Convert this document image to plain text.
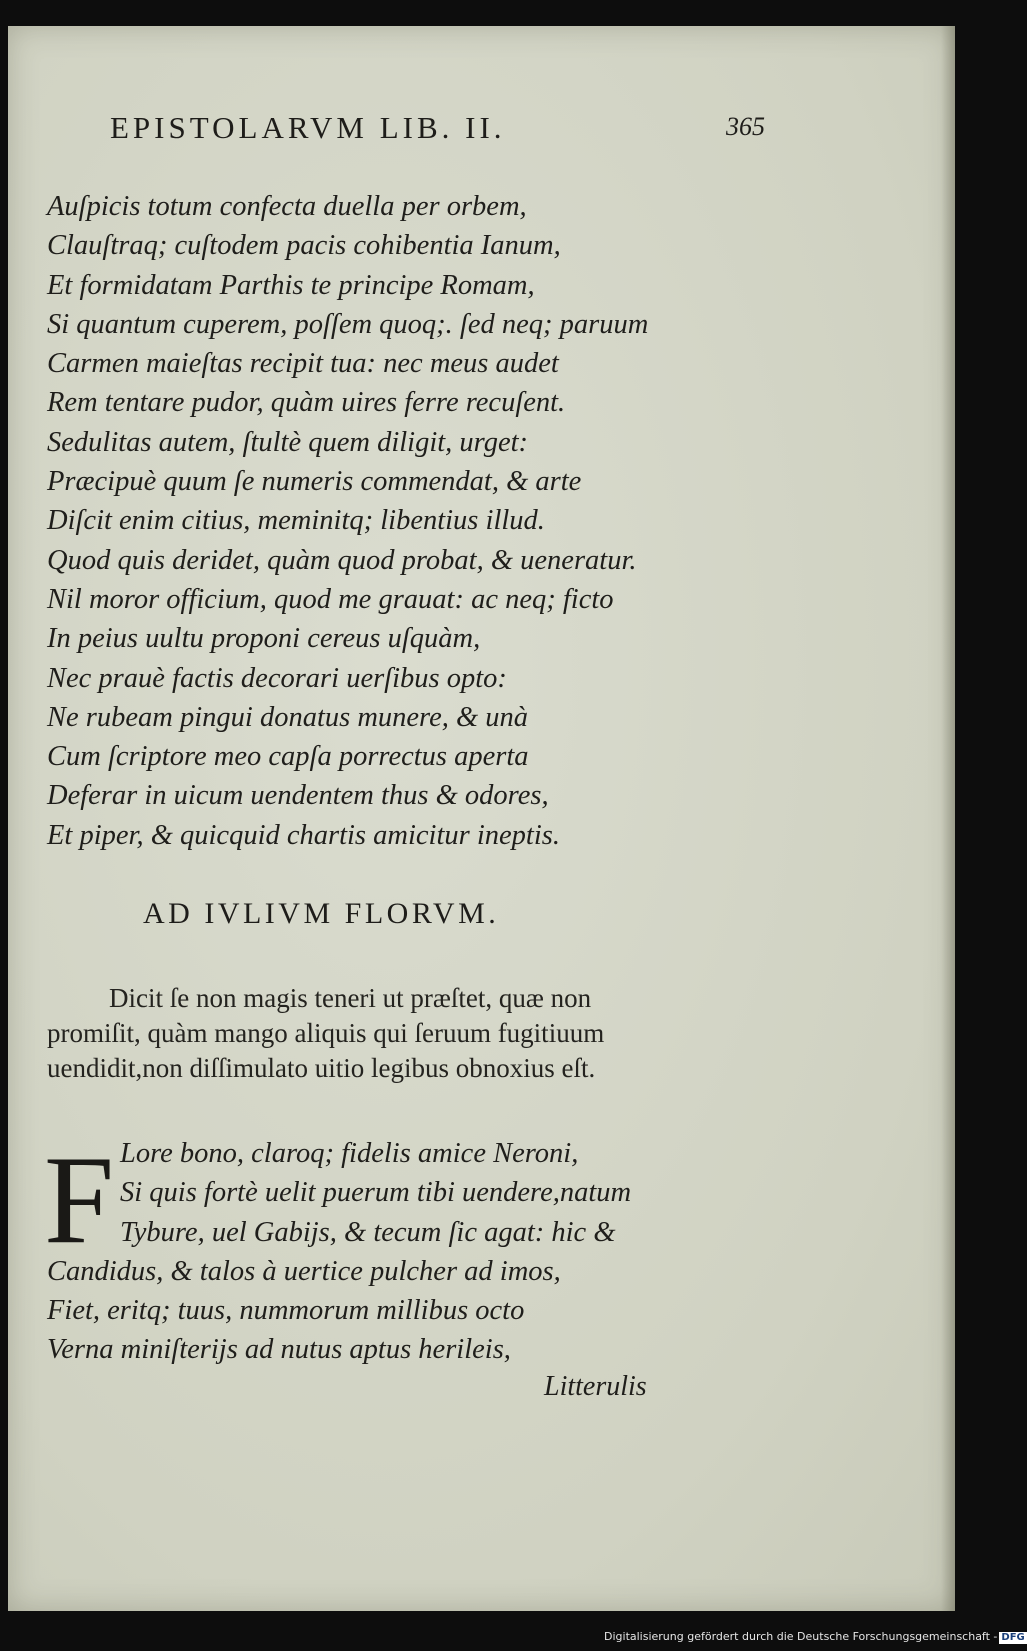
EPISTOLARVM LIB. II.	365
Auſpicis totum confecta duella per orbem,
Clauſtraq; cuſtodem pacis cohibentia Ianum,
Et formidatam Parthis te principe Romam,
Si quantum cuperem, poſſem quoq;. ſed neq; paruum
Carmen maieſtas recipit tua: nec meus audet
Rem tentare pudor, quàm uires ferre recuſent.
Sedulitas autem, ſtultè quem diligit, urget:
Præcipuè quum ſe numeris commendat, & arte
Diſcit enim citius, meminitq; libentius illud.
Quod quis deridet, quàm quod probat, & ueneratur.
Nil moror officium, quod me grauat: ac neq; ficto
In peius uultu proponi cereus uſquàm,
Nec prauè factis decorari uerſibus opto:
Ne rubeam pingui donatus munere, & unà
Cum ſcriptore meo capſa porrectus aperta
Deferar in uicum uendentem thus & odores,
Et piper, & quicquid chartis amicitur ineptis.
AD IVLIVM FLORVM.
Dicit ſe non magis teneri ut præſtet, quæ non
promiſit, quàm mango aliquis qui ſeruum fugitiuum
uendidit,non diſſimulato uitio legibus obnoxius eſt.
F Lore bono, claroq; fidelis amice Neroni,
Si quis fortè uelit puerum tibi uendere,natum
Tybure, uel Gabijs, & tecum ſic agat: hic &
Candidus, & talos à uertice pulcher ad imos,
Fiet, eritq; tuus, nummorum millibus octo
Verna miniſterijs ad nutus aptus herileis,
Litterulis
Digitalisierung gefördert durch die Deutsche Forschungsgemeinschaft - DFG
